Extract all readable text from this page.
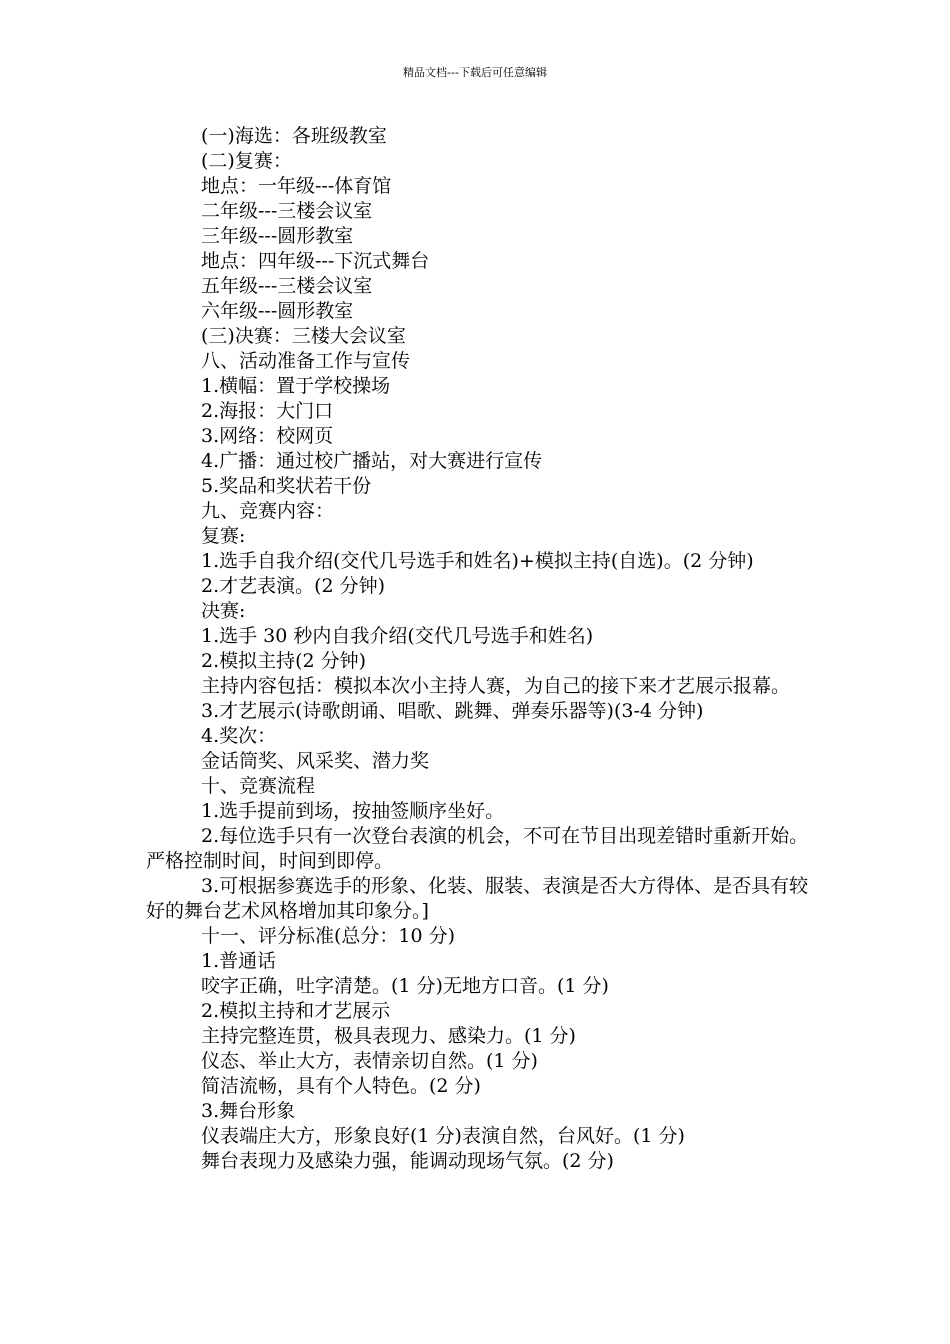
精品文档---下载后可任意编辑
(一)海选：各班级教室
(二)复赛：
地点：一年级---体育馆
二年级---三楼会议室
三年级---圆形教室
地点：四年级---下沉式舞台
五年级---三楼会议室
六年级---圆形教室
(三)决赛：三楼大会议室
八、活动准备工作与宣传
1.横幅：置于学校操场
2.海报：大门口
3.网络：校网页
4.广播：通过校广播站，对大赛进行宣传
5.奖品和奖状若干份
九、竞赛内容：
复赛:
1.选手自我介绍(交代几号选手和姓名)+模拟主持(自选)。(2 分钟)
2.才艺表演。(2 分钟)
决赛:
1.选手 30 秒内自我介绍(交代几号选手和姓名)
2.模拟主持(2 分钟)
主持内容包括：模拟本次小主持人赛，为自己的接下来才艺展示报幕。
3.才艺展示(诗歌朗诵、唱歌、跳舞、弹奏乐器等)(3-4 分钟)
4.奖次：
金话筒奖、风采奖、潜力奖
十、竞赛流程
1.选手提前到场，按抽签顺序坐好。
2.每位选手只有一次登台表演的机会，不可在节目出现差错时重新开始。严格控制时间，时间到即停。
3.可根据参赛选手的形象、化装、服装、表演是否大方得体、是否具有较好的舞台艺术风格增加其印象分。]
十一、评分标准(总分：10 分)
1.普通话
咬字正确，吐字清楚。(1 分)无地方口音。(1 分)
2.模拟主持和才艺展示
主持完整连贯，极具表现力、感染力。(1 分)
仪态、举止大方，表情亲切自然。(1 分)
简洁流畅，具有个人特色。(2 分)
3.舞台形象
仪表端庄大方，形象良好(1 分)表演自然，台风好。(1 分)
舞台表现力及感染力强，能调动现场气氛。(2 分)
